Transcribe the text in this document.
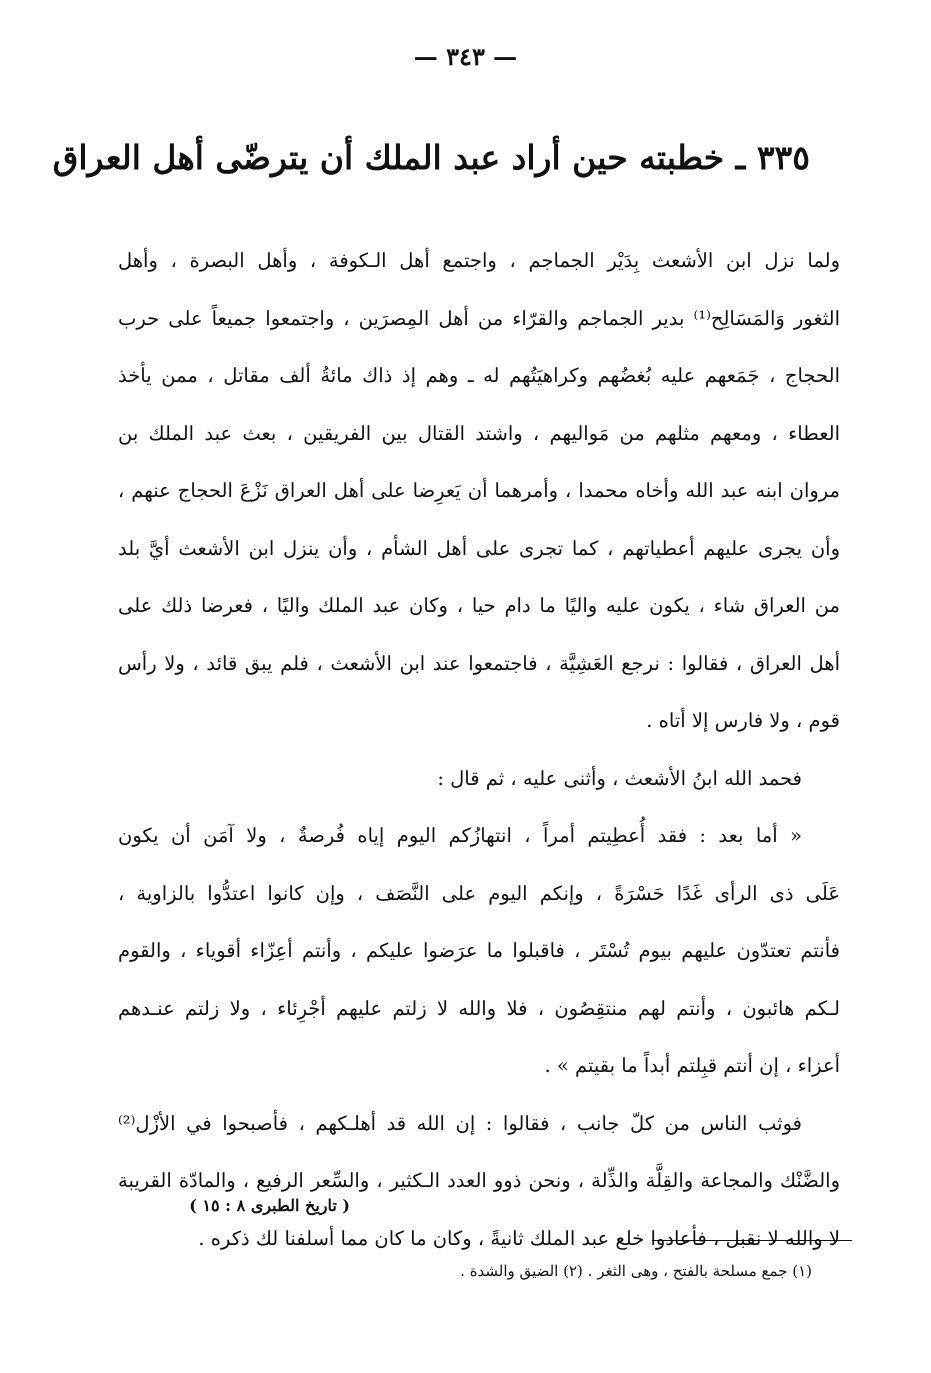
— ٣٤٣ —
٣٣٥ ـ خطبته حين أراد عبد الملك أن يترضّى أهل العراق
ولما نزل ابن الأشعث بِدَيْر الجماجم ، واجتمع أهل الـكوفة ، وأهل البصرة ، وأهل
الثغور وَالمَسَالِح⁽¹⁾ بدير الجماجم والقرّاء من أهل المِصرَين ، واجتمعوا جميعاً على حرب
الحجاج ، جَمَعهم عليه بُغضُهم وكراهيَتُهم له ـ وهم إذ ذاك مائةُ ألف مقاتل ، ممن يأخذ
العطاء ، ومعهم مثلهم من مَواليهم ، واشتد القتال بين الفريقين ، بعث عبد الملك بن
مروان ابنه عبد الله وأخاه محمدا ، وأمرهما أن يَعرِضا على أهل العراق نَزْعَ الحجاج عنهم ،
وأن يجرى عليهم أعطياتهم ، كما تجرى على أهل الشأم ، وأن ينزل ابن الأشعث أيَّ بلد
من العراق شاء ، يكون عليه واليًا ما دام حيا ، وكان عبد الملك واليًا ، فعرضا ذلك على
أهل العراق ، فقالوا : نرجع العَشِيَّة ، فاجتمعوا عند ابن الأشعث ، فلم يبق قائد ، ولا رأس
قوم ، ولا فارس إلا أتاه .
فحمد الله ابنُ الأشعث ، وأثنى عليه ، ثم قال :
« أما بعد : فقد أُعطِيتم أمراً ، انتهازُكم اليوم إياه فُرصةٌ ، ولا آمَن أن يكون
عَلَى ذى الرأى غَدًا حَسْرَةً ، وإنكم اليوم على النَّصَف ، وإن كانوا اعتدُّوا بالزاوية ،
فأنتم تعتدّون عليهم بيوم تُسْتَر ، فاقبلوا ما عرَضوا عليكم ، وأنتم أعِزّاء أقوياء ، والقوم
لـكم هائبون ، وأنتم لهم منتقِصُون ، فلا والله لا زلتم عليهم أجْرِئاء ، ولا زلتم عنـدهم
أعزاء ، إن أنتم قبِلتم أبداً ما بقيتم » .
فوثب الناس من كلّ جانب ، فقالوا : إن الله قد أهلـكهم ، فأصبحوا في الأزْل⁽²⁾
والضَّنْك والمجاعة والقِلَّة والذِّلة ، ونحن ذوو العدد الـكثير ، والسِّعر الرفيع ، والمادّة القريبة
لا والله لا نقبل ، فأعادوا خلع عبد الملك ثانيةً ، وكان ما كان مما أسلفنا لك ذكره .
( تاريخ الطبرى ٨ : ١٥ )
(١) جمع مسلحة بالفتح ، وهى الثغر . (٢) الضيق والشدة .
